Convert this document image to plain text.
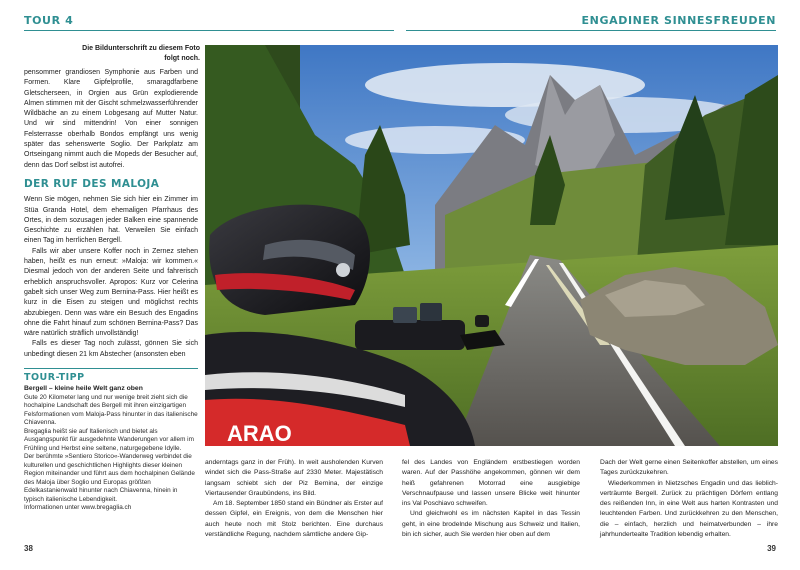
TOUR 4	ENGADINER SINNESFREUDEN
Die Bildunterschrift zu diesem Foto folgt noch.

pensommer grandiosen Symphonie aus Farben und Formen. Klare Gipfelprofile, smaragdfarbene Gletscherseen, in Orgien aus Grün explodierende Almen stimmen mit der Gischt schmelzwasserführender Wildbäche an zu einem Lobgesang auf Mutter Natur. Und wir sind mittendrin! Von einer sonnigen Felsterrasse oberhalb Bondos empfängt uns wenig später das sehenswerte Soglio. Der Parkplatz am Ortseingang nimmt auch die Mopeds der Besucher auf, denn das Dorf selbst ist autofrei.

DER RUF DES MALOJA

Wenn Sie mögen, nehmen Sie sich hier ein Zimmer im Stüa Granda Hotel, dem ehemaligen Pfarrhaus des Ortes, in dem sozusagen jeder Balken eine spannende Geschichte zu erzählen hat. Verweilen Sie einfach einen Tag im herrlichen Bergell.

Falls wir aber unsere Koffer noch in Zernez stehen haben, heißt es nun erneut: »Maloja: wir kommen.« Diesmal jedoch von der anderen Seite und fahrerisch erheblich anspruchsvoller. Apropos: Kurz vor Celerina gabelt sich unser Weg zum Bernina-Pass. Hier heißt es kurz in die Eisen zu steigen und möglichst rechts abzubiegen. Denn was wäre ein Besuch des Engadins ohne die Fahrt hinauf zum schönen Bernina-Pass? Das wäre natürlich sträflich unvollständig!

Falls es dieser Tag noch zulässt, gönnen Sie sich unbedingt diesen 21 km Abstecher (ansonsten eben

TOUR-TIPP

Bergell – kleine heile Welt ganz oben

Gute 20 Kilometer lang und nur wenige breit zieht sich die hochalpine Landschaft des Bergell mit ihren einzigartigen Felsformationen vom Maloja-Pass hinunter in das italienische Chiavenna.

Bregaglia heißt sie auf Italienisch und bietet als Ausgangspunkt für ausgedehnte Wanderungen vor allem im Frühling und Herbst eine seltene, naturgegebene Idylle.

Der berühmte »Sentiero Storico«-Wanderweg verbindet die kulturellen und geschichtlichen Highlights dieser kleinen Region miteinander und führt aus dem hochalpinen Gelände des Maloja über Soglio und Europas größten Edelkastanienwald hinunter nach Chiavenna, hinein in typisch italienische Lebendigkeit.

Informationen unter www.bregaglia.ch

ARAO

anderntags ganz in der Früh). In weit ausholenden Kurven windet sich die Pass-Straße auf 2330 Meter. Majestätisch langsam schiebt sich der Piz Bernina, der einzige Viertausender Graubündens, ins Bild.

Am 18. September 1850 stand ein Bündner als Erster auf dessen Gipfel, ein Ereignis, von dem die Menschen hier auch heute noch mit Stolz berichten. Eine durchaus verständliche Regung, nachdem sämtliche andere Gip-

fel des Landes von Engländern erstbestiegen worden waren. Auf der Passhöhe angekommen, gönnen wir dem heiß gefahrenen Motorrad eine ausgiebige Verschnaufpause und lassen unsere Blicke weit hinunter ins Val Poschiavo schweifen.

Und gleichwohl es im nächsten Kapitel in das Tessin geht, in eine brodelnde Mischung aus Schweiz und Italien, bin ich sicher, auch Sie werden hier oben auf dem

Dach der Welt gerne einen Seitenkoffer abstellen, um eines Tages zurückzukehren.

Wiederkommen in Nietzsches Engadin und das lieblich-verträumte Bergell. Zurück zu prächtigen Dörfern entlang des reißenden Inn, in eine Welt aus harten Kontrasten und leuchtenden Farben. Und zurückkehren zu den Menschen, die – einfach, herzlich und heimatverbunden – ihre jahrhundertealte Tradition lebendig erhalten.

38	39
